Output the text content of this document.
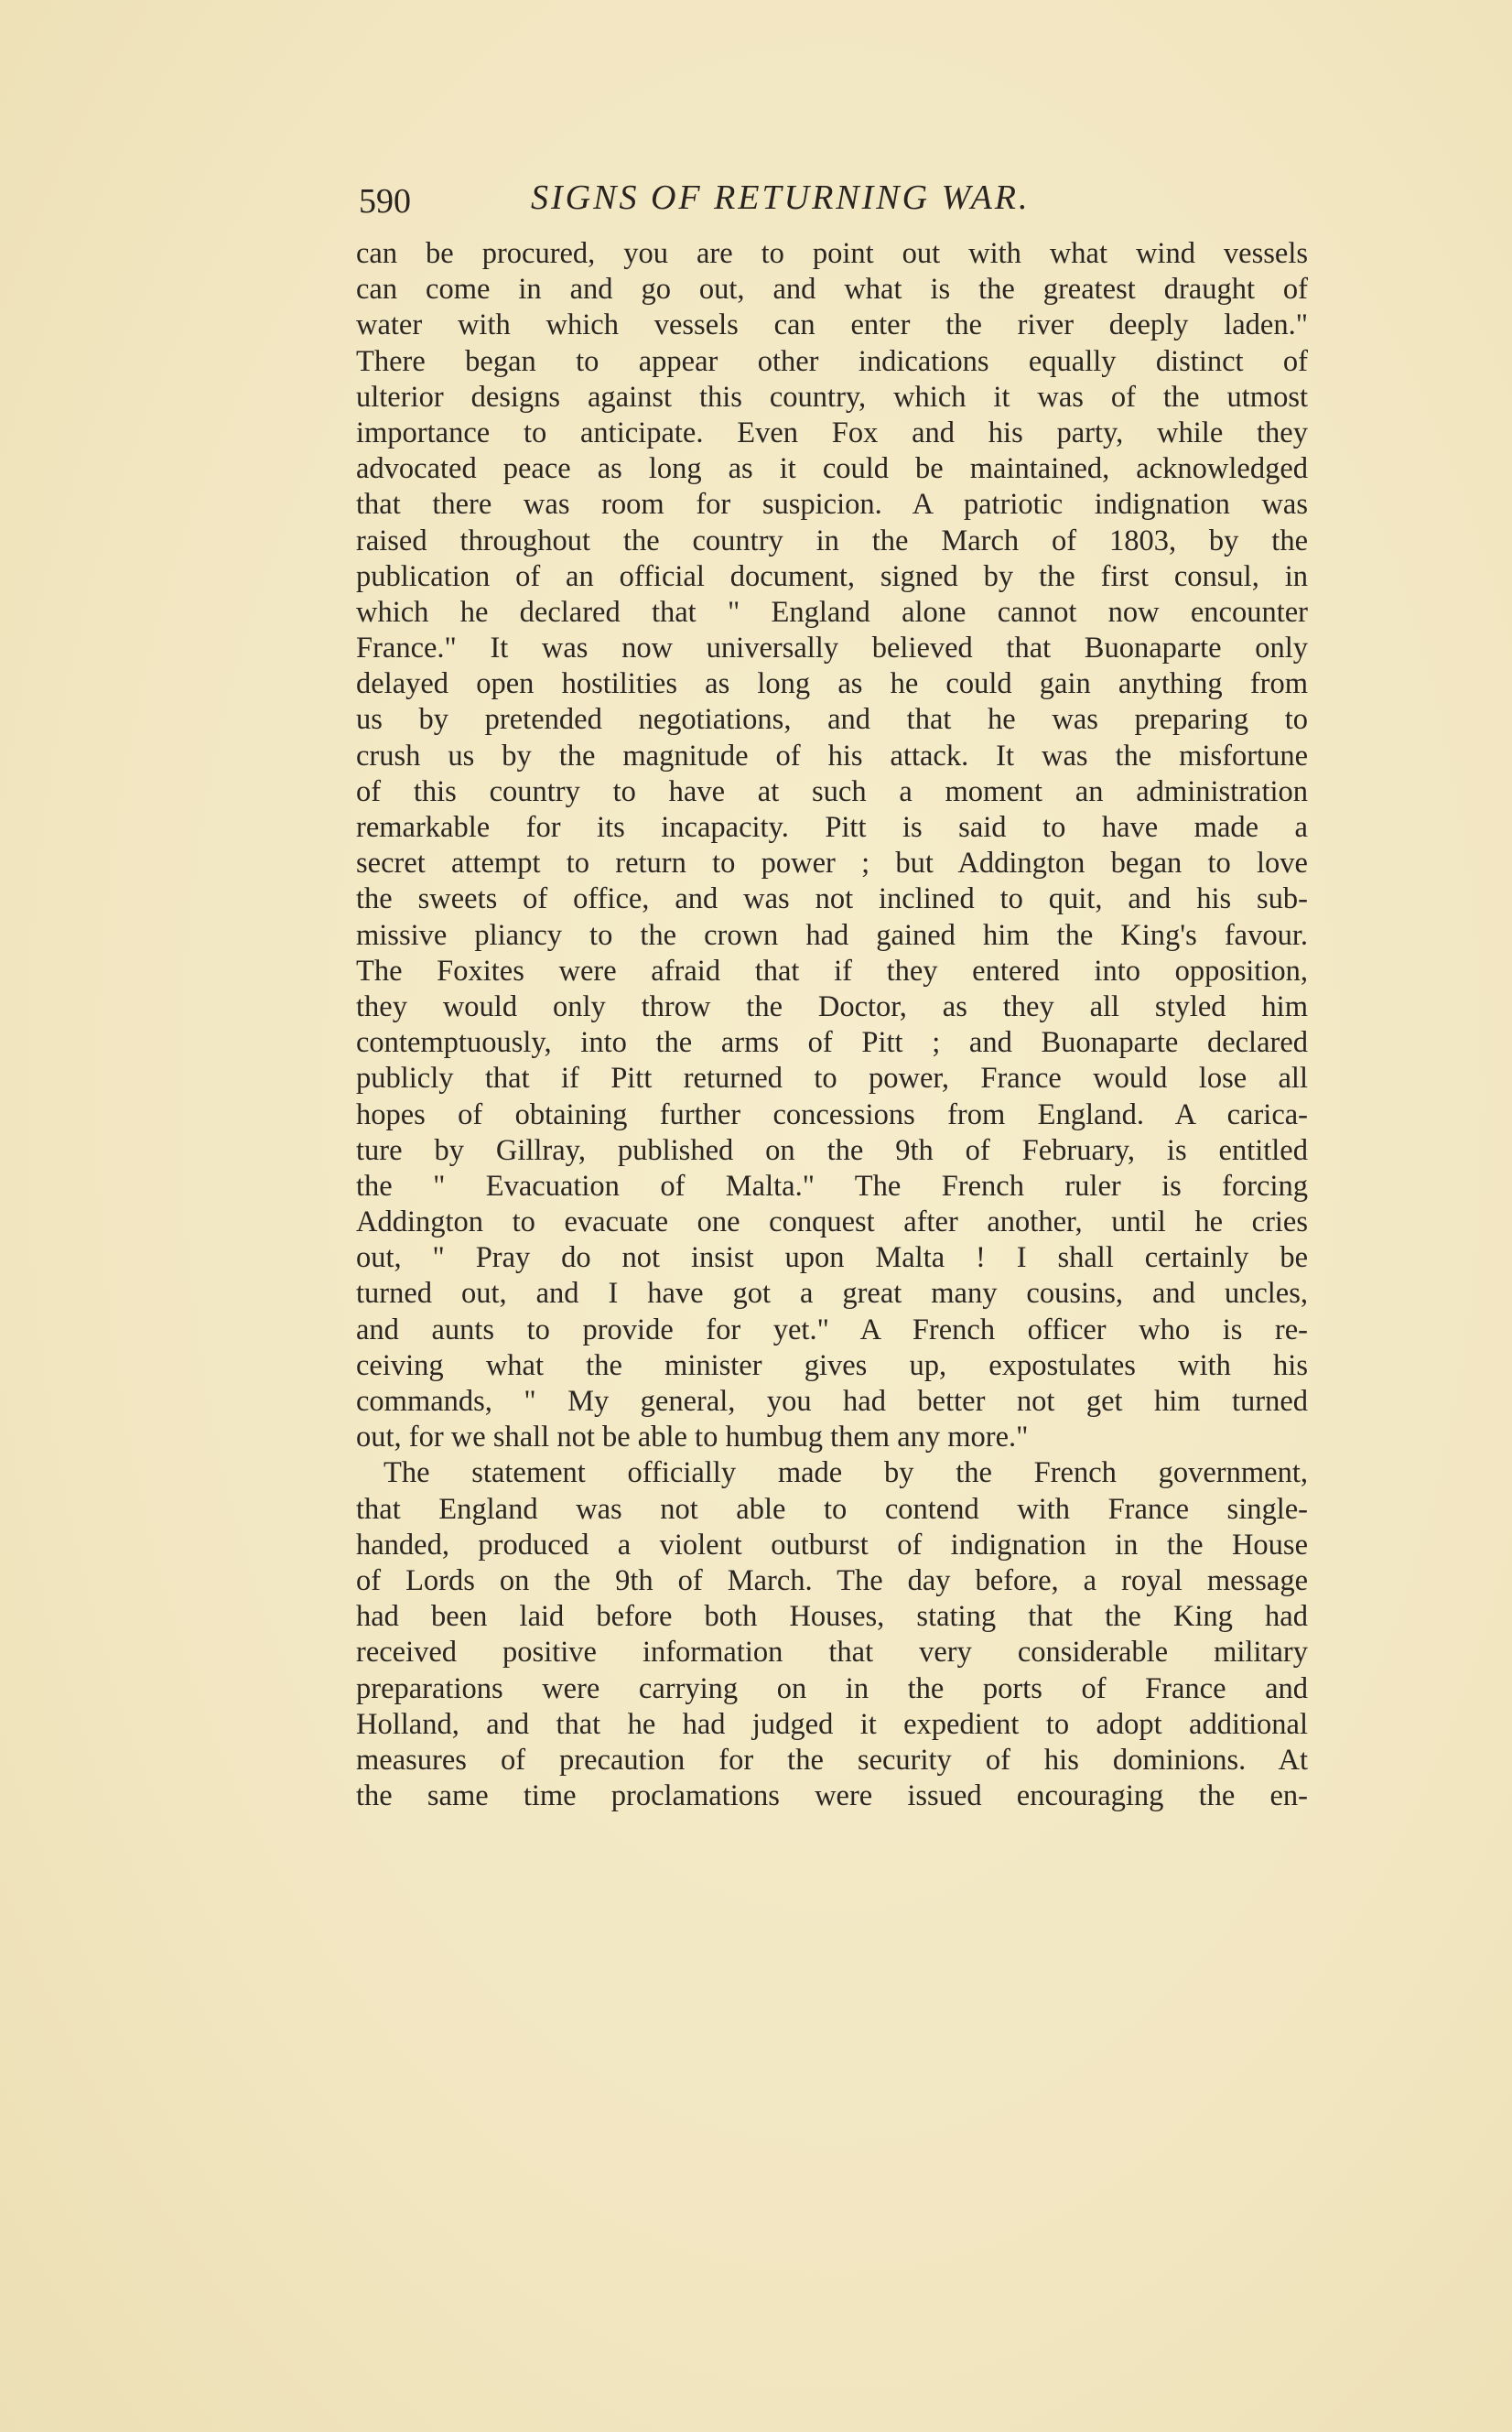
590	SIGNS OF RETURNING WAR.
can be procured, you are to point out with what wind vessels
can come in and go out, and what is the greatest draught of
water with which vessels can enter the river deeply laden."
There began to appear other indications equally distinct of
ulterior designs against this country, which it was of the utmost
importance to anticipate. Even Fox and his party, while they
advocated peace as long as it could be maintained, acknowledged
that there was room for suspicion. A patriotic indignation was
raised throughout the country in the March of 1803, by the
publication of an official document, signed by the first consul, in
which he declared that " England alone cannot now encounter
France." It was now universally believed that Buonaparte only
delayed open hostilities as long as he could gain anything from
us by pretended negotiations, and that he was preparing to
crush us by the magnitude of his attack. It was the misfortune
of this country to have at such a moment an administration
remarkable for its incapacity. Pitt is said to have made a
secret attempt to return to power ; but Addington began to love
the sweets of office, and was not inclined to quit, and his sub-
missive pliancy to the crown had gained him the King's favour.
The Foxites were afraid that if they entered into opposition,
they would only throw the Doctor, as they all styled him
contemptuously, into the arms of Pitt ; and Buonaparte declared
publicly that if Pitt returned to power, France would lose all
hopes of obtaining further concessions from England. A carica-
ture by Gillray, published on the 9th of February, is entitled
the " Evacuation of Malta." The French ruler is forcing
Addington to evacuate one conquest after another, until he cries
out, " Pray do not insist upon Malta ! I shall certainly be
turned out, and I have got a great many cousins, and uncles,
and aunts to provide for yet." A French officer who is re-
ceiving what the minister gives up, expostulates with his
commands, " My general, you had better not get him turned
out, for we shall not be able to humbug them any more."
The statement officially made by the French government,
that England was not able to contend with France single-
handed, produced a violent outburst of indignation in the House
of Lords on the 9th of March. The day before, a royal message
had been laid before both Houses, stating that the King had
received positive information that very considerable military
preparations were carrying on in the ports of France and
Holland, and that he had judged it expedient to adopt additional
measures of precaution for the security of his dominions. At
the same time proclamations were issued encouraging the en-
